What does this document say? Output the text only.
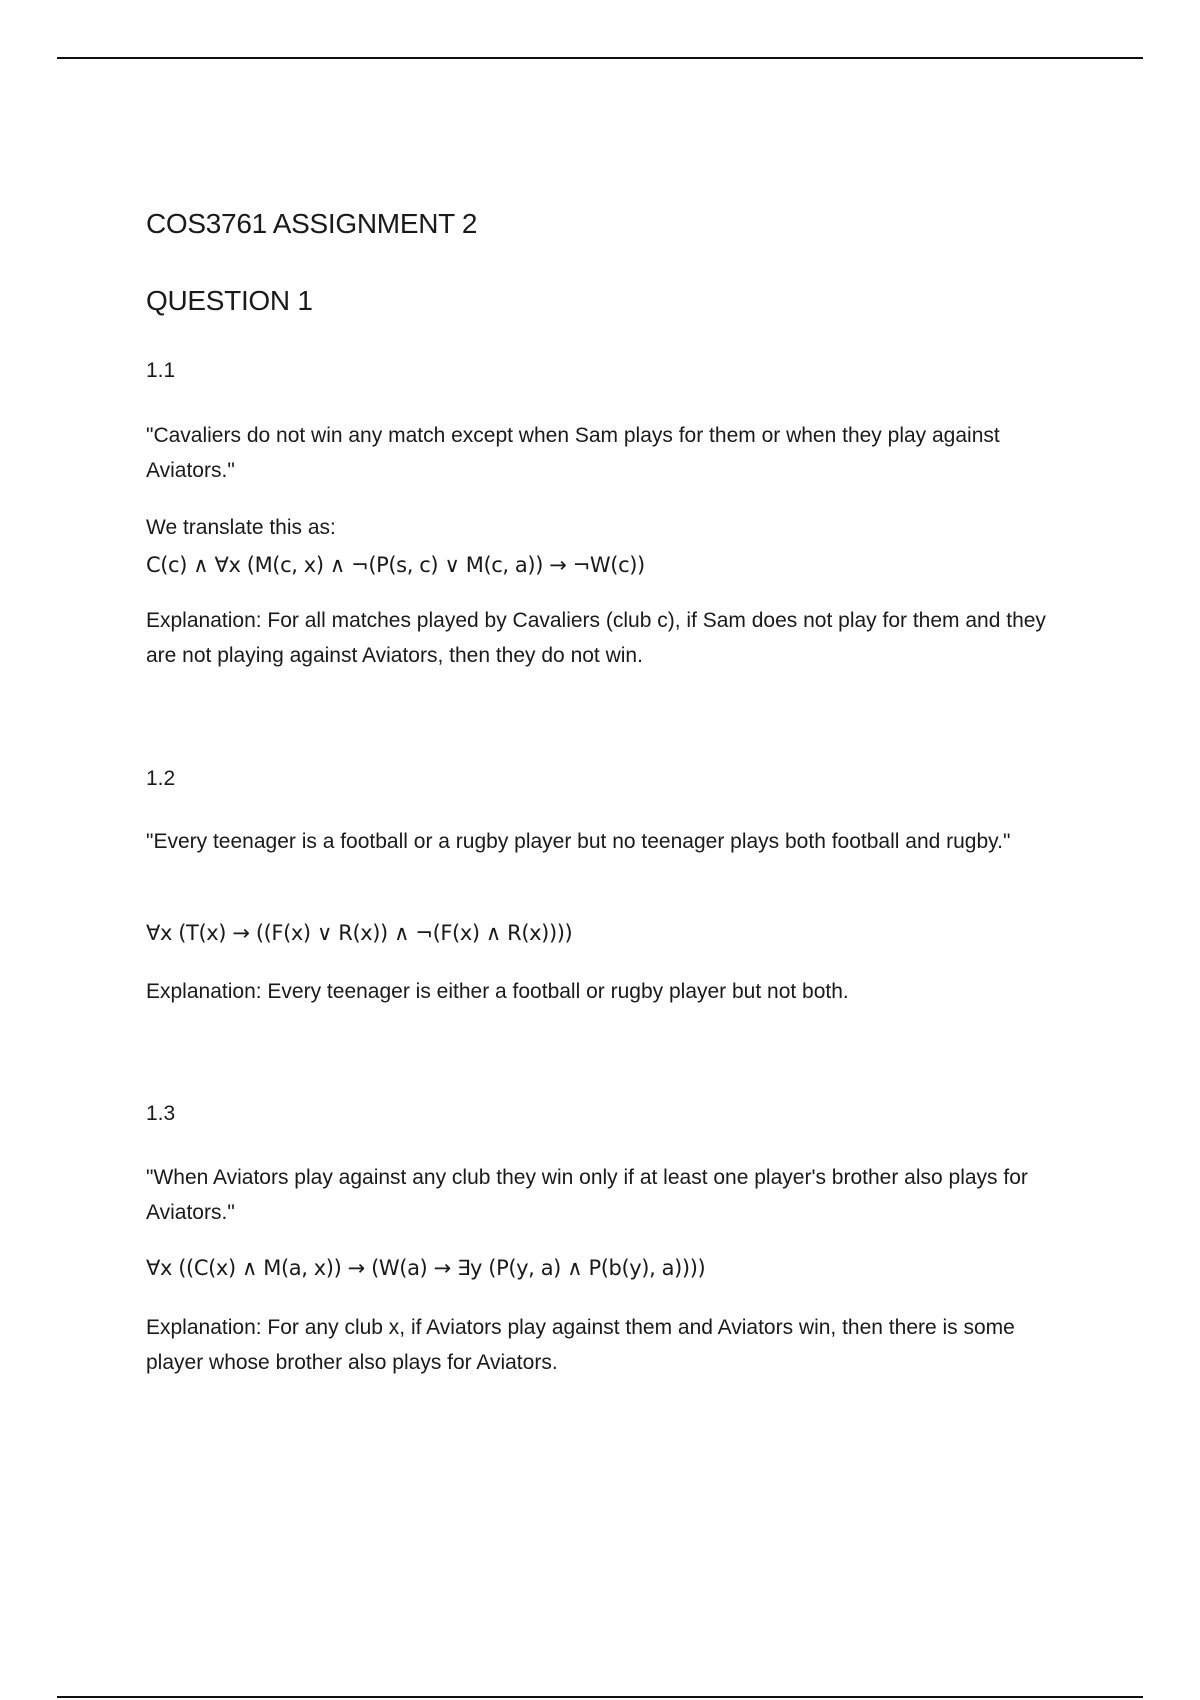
COS3761 ASSIGNMENT 2
QUESTION 1

1.1

"Cavaliers do not win any match except when Sam plays for them or when they play against Aviators."

We translate this as:

C(c) ∧ ∀x (M(c, x) ∧ ¬(P(s, c) ∨ M(c, a)) → ¬W(c))

Explanation: For all matches played by Cavaliers (club c), if Sam does not play for them and they are not playing against Aviators, then they do not win.

1.2

"Every teenager is a football or a rugby player but no teenager plays both football and rugby."

∀x (T(x) → ((F(x) ∨ R(x)) ∧ ¬(F(x) ∧ R(x))))

Explanation: Every teenager is either a football or rugby player but not both.

1.3

"When Aviators play against any club they win only if at least one player's brother also plays for Aviators."

∀x ((C(x) ∧ M(a, x)) → (W(a) → ∃y (P(y, a) ∧ P(b(y), a))))

Explanation: For any club x, if Aviators play against them and Aviators win, then there is some player whose brother also plays for Aviators.
